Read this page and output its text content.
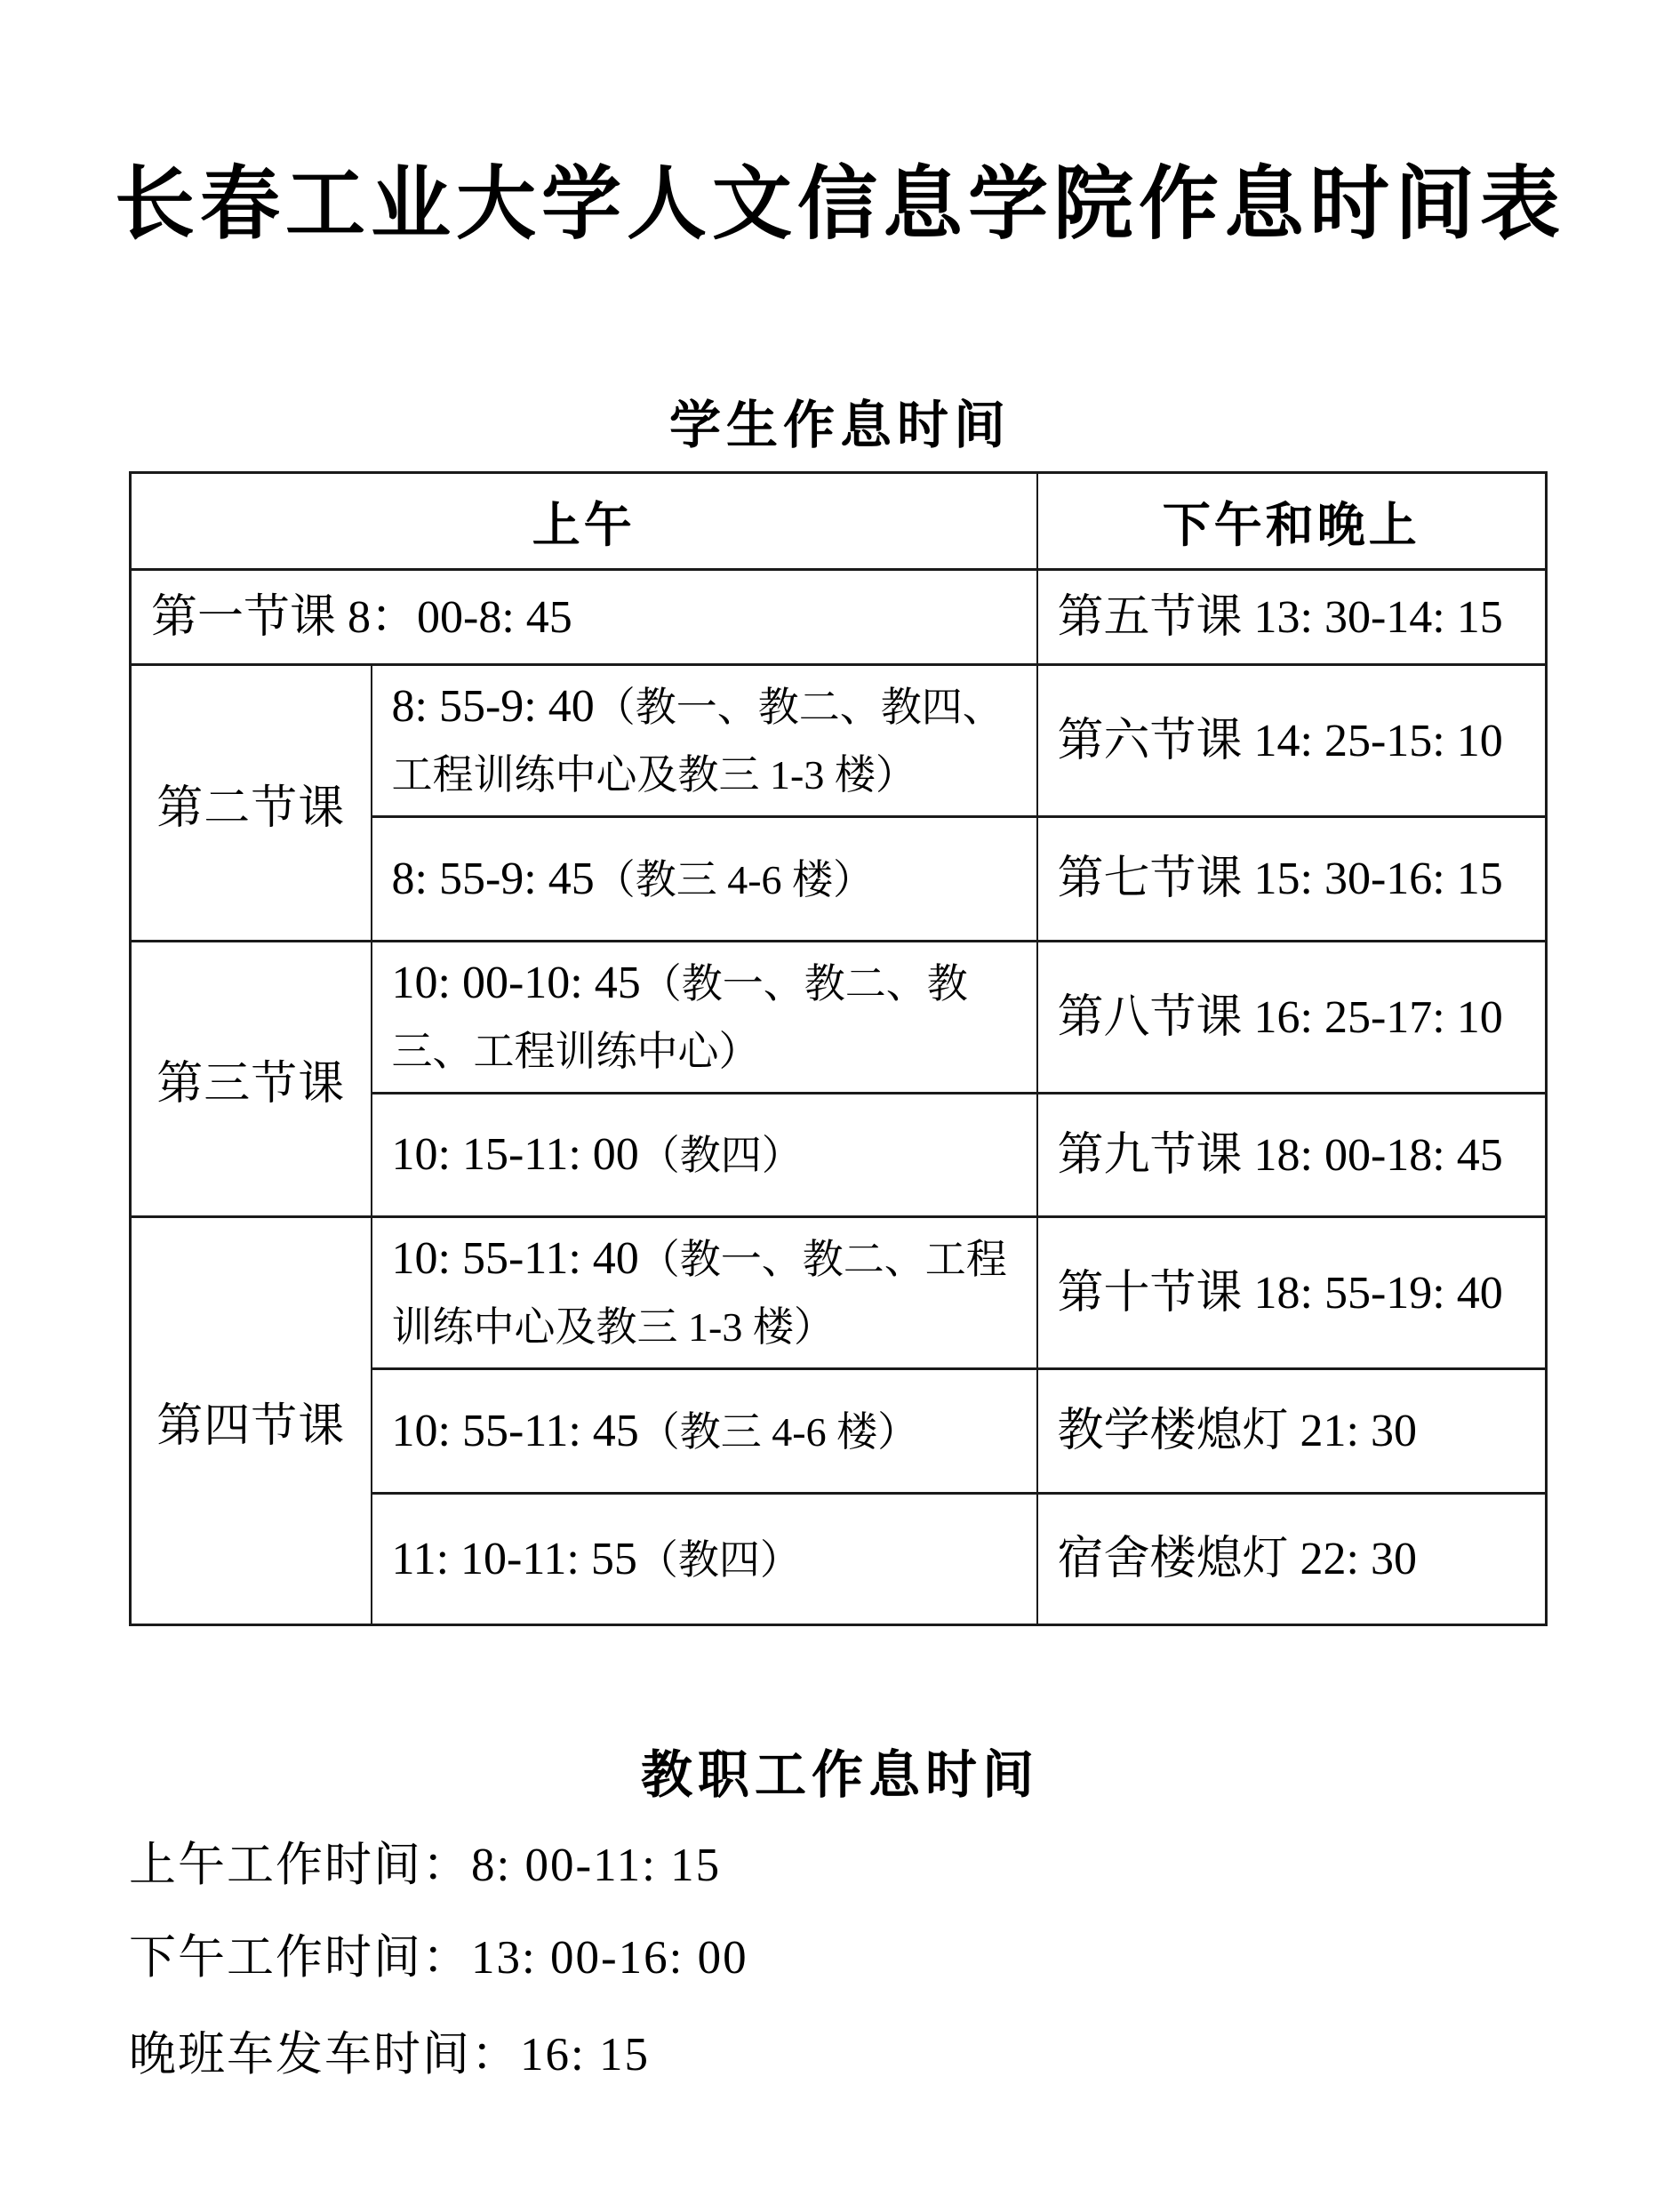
长春工业大学人文信息学院作息时间表
学生作息时间
上午		下午和晚上
第一节课 8：00-8: 45		第五节课 13: 30-14: 15
第二节课	8: 55-9: 40（教一、教二、教四、工程训练中心及教三 1-3 楼）	第六节课 14: 25-15: 10
	8: 55-9: 45（教三 4-6 楼）	第七节课 15: 30-16: 15
第三节课	10: 00-10: 45（教一、教二、教三、工程训练中心）	第八节课 16: 25-17: 10
	10: 15-11: 00（教四）	第九节课 18: 00-18: 45
第四节课	10: 55-11: 40（教一、教二、工程训练中心及教三 1-3 楼）	第十节课 18: 55-19: 40
	10: 55-11: 45（教三 4-6 楼）	教学楼熄灯 21: 30
	11: 10-11: 55（教四）	宿舍楼熄灯 22: 30
教职工作息时间
上午工作时间：8: 00-11: 15
下午工作时间：13: 00-16: 00
晚班车发车时间：16: 15
